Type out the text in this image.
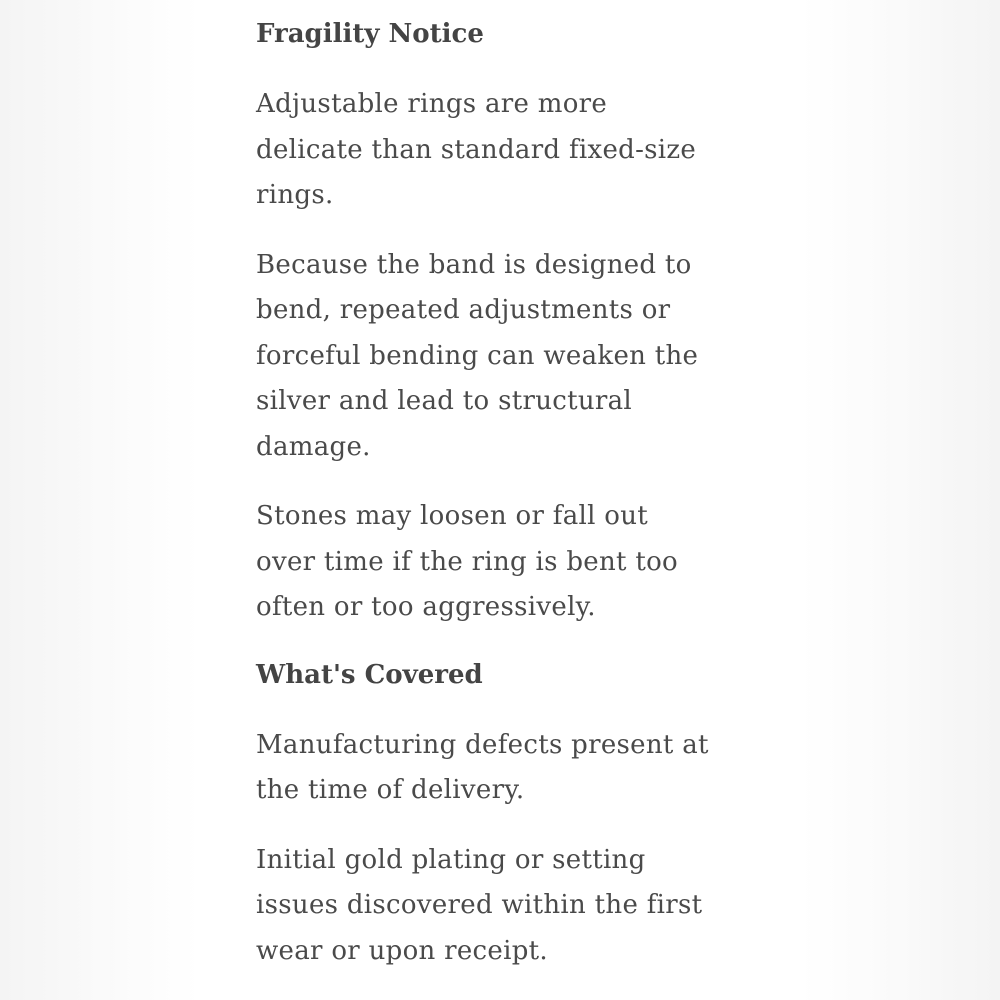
Fragility Notice

Adjustable rings are more
delicate than standard fixed-size
rings.

Because the band is designed to
bend, repeated adjustments or
forceful bending can weaken the
silver and lead to structural
damage.

Stones may loosen or fall out
over time if the ring is bent too
often or too aggressively.

What's Covered

Manufacturing defects present at
the time of delivery.

Initial gold plating or setting
issues discovered within the first
wear or upon receipt.
